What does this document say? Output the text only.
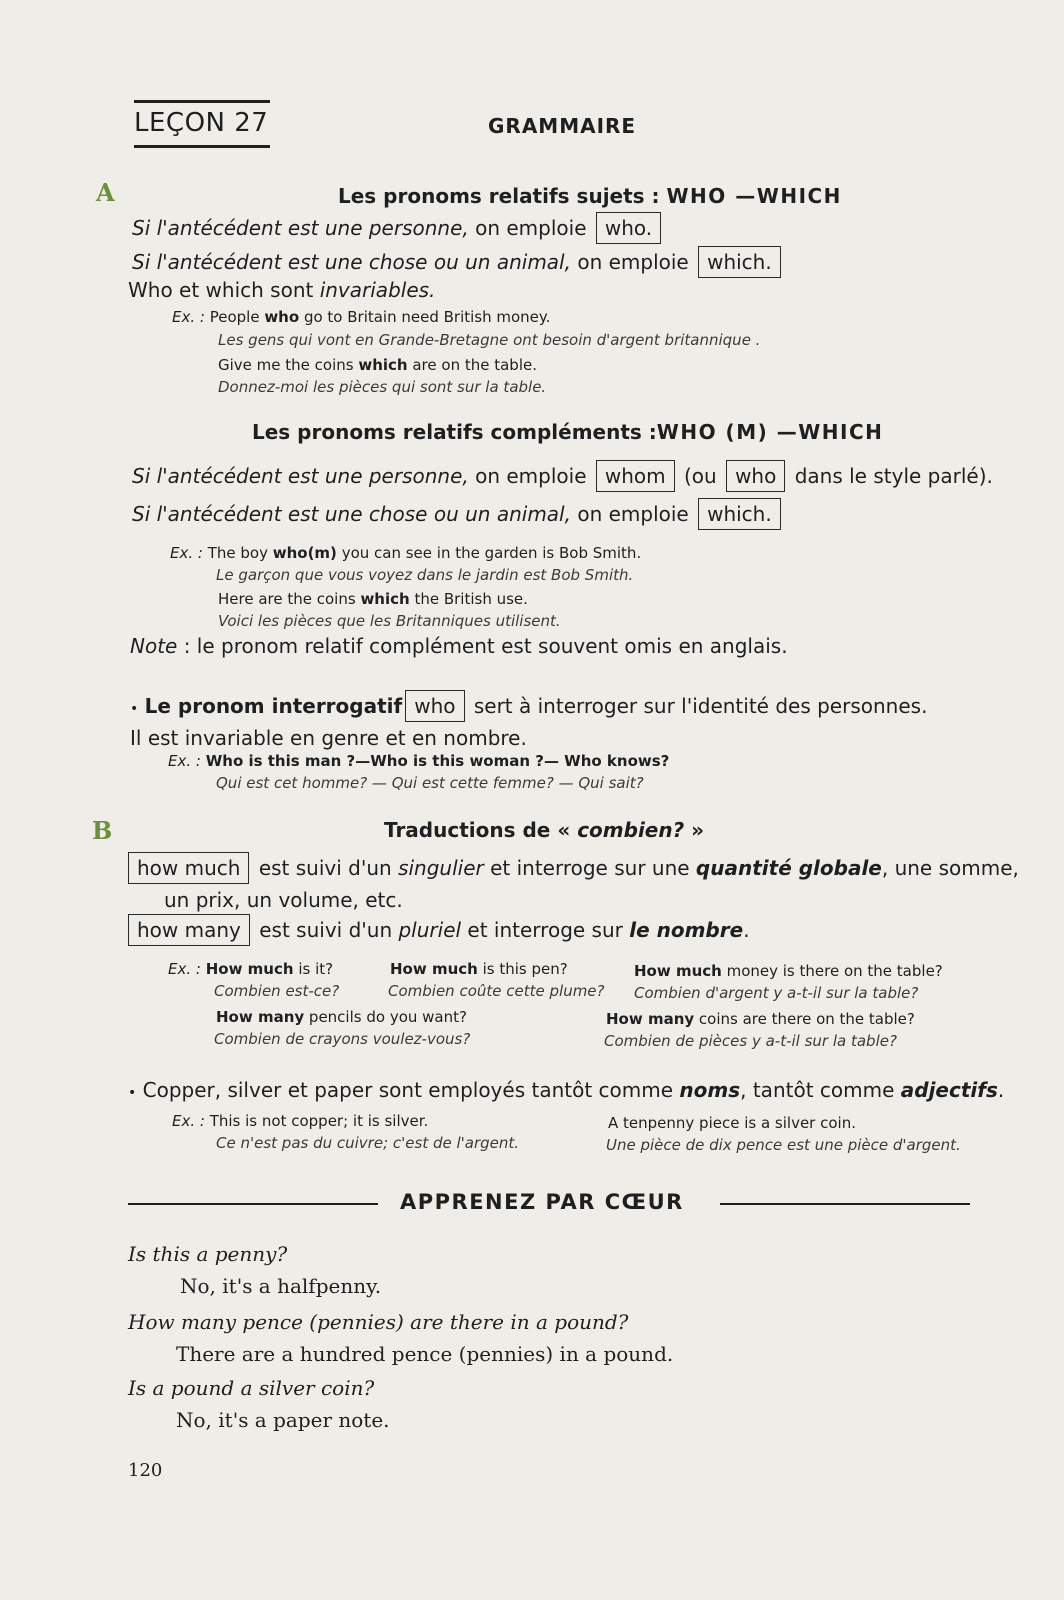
LEÇON 27	GRAMMAIRE
A	Les pronoms relatifs sujets : WHO —WHICH
Si l'antécédent est une personne, on emploie who.
Si l'antécédent est une chose ou un animal, on emploie which.
Who et which sont invariables.
Ex. : People who go to Britain need British money.
Les gens qui vont en Grande-Bretagne ont besoin d'argent britannique .
Give me the coins which are on the table.
Donnez-moi les pièces qui sont sur la table.
Les pronoms relatifs compléments :WHO (M) —WHICH
Si l'antécédent est une personne, on emploie whom (ou who dans le style parlé).
Si l'antécédent est une chose ou un animal, on emploie which.
Ex. : The boy who(m) you can see in the garden is Bob Smith.
Le garçon que vous voyez dans le jardin est Bob Smith.
Here are the coins which the British use.
Voici les pièces que les Britanniques utilisent.
Note : le pronom relatif complément est souvent omis en anglais.
• Le pronom interrogatif who sert à interroger sur l'identité des personnes.
Il est invariable en genre et en nombre.
Ex. : Who is this man ?—Who is this woman ?— Who knows?
Qui est cet homme? — Qui est cette femme? — Qui sait?
B	Traductions de « combien? »
how much est suivi d'un singulier et interroge sur une quantité globale, une somme,
un prix, un volume, etc.
how many est suivi d'un pluriel et interroge sur le nombre.
Ex. : How much is it?
Combien est-ce?
How much is this pen?
Combien coûte cette plume?
How much money is there on the table?
Combien d'argent y a-t-il sur la table?
How many pencils do you want?
Combien de crayons voulez-vous?
How many coins are there on the table?
Combien de pièces y a-t-il sur la table?
• Copper, silver et paper sont employés tantôt comme noms, tantôt comme adjectifs.
Ex. : This is not copper; it is silver.
Ce n'est pas du cuivre; c'est de l'argent.
A tenpenny piece is a silver coin.
Une pièce de dix pence est une pièce d'argent.
APPRENEZ PAR CŒUR
Is this a penny?
No, it's a halfpenny.
How many pence (pennies) are there in a pound?
There are a hundred pence (pennies) in a pound.
Is a pound a silver coin?
No, it's a paper note.
120
